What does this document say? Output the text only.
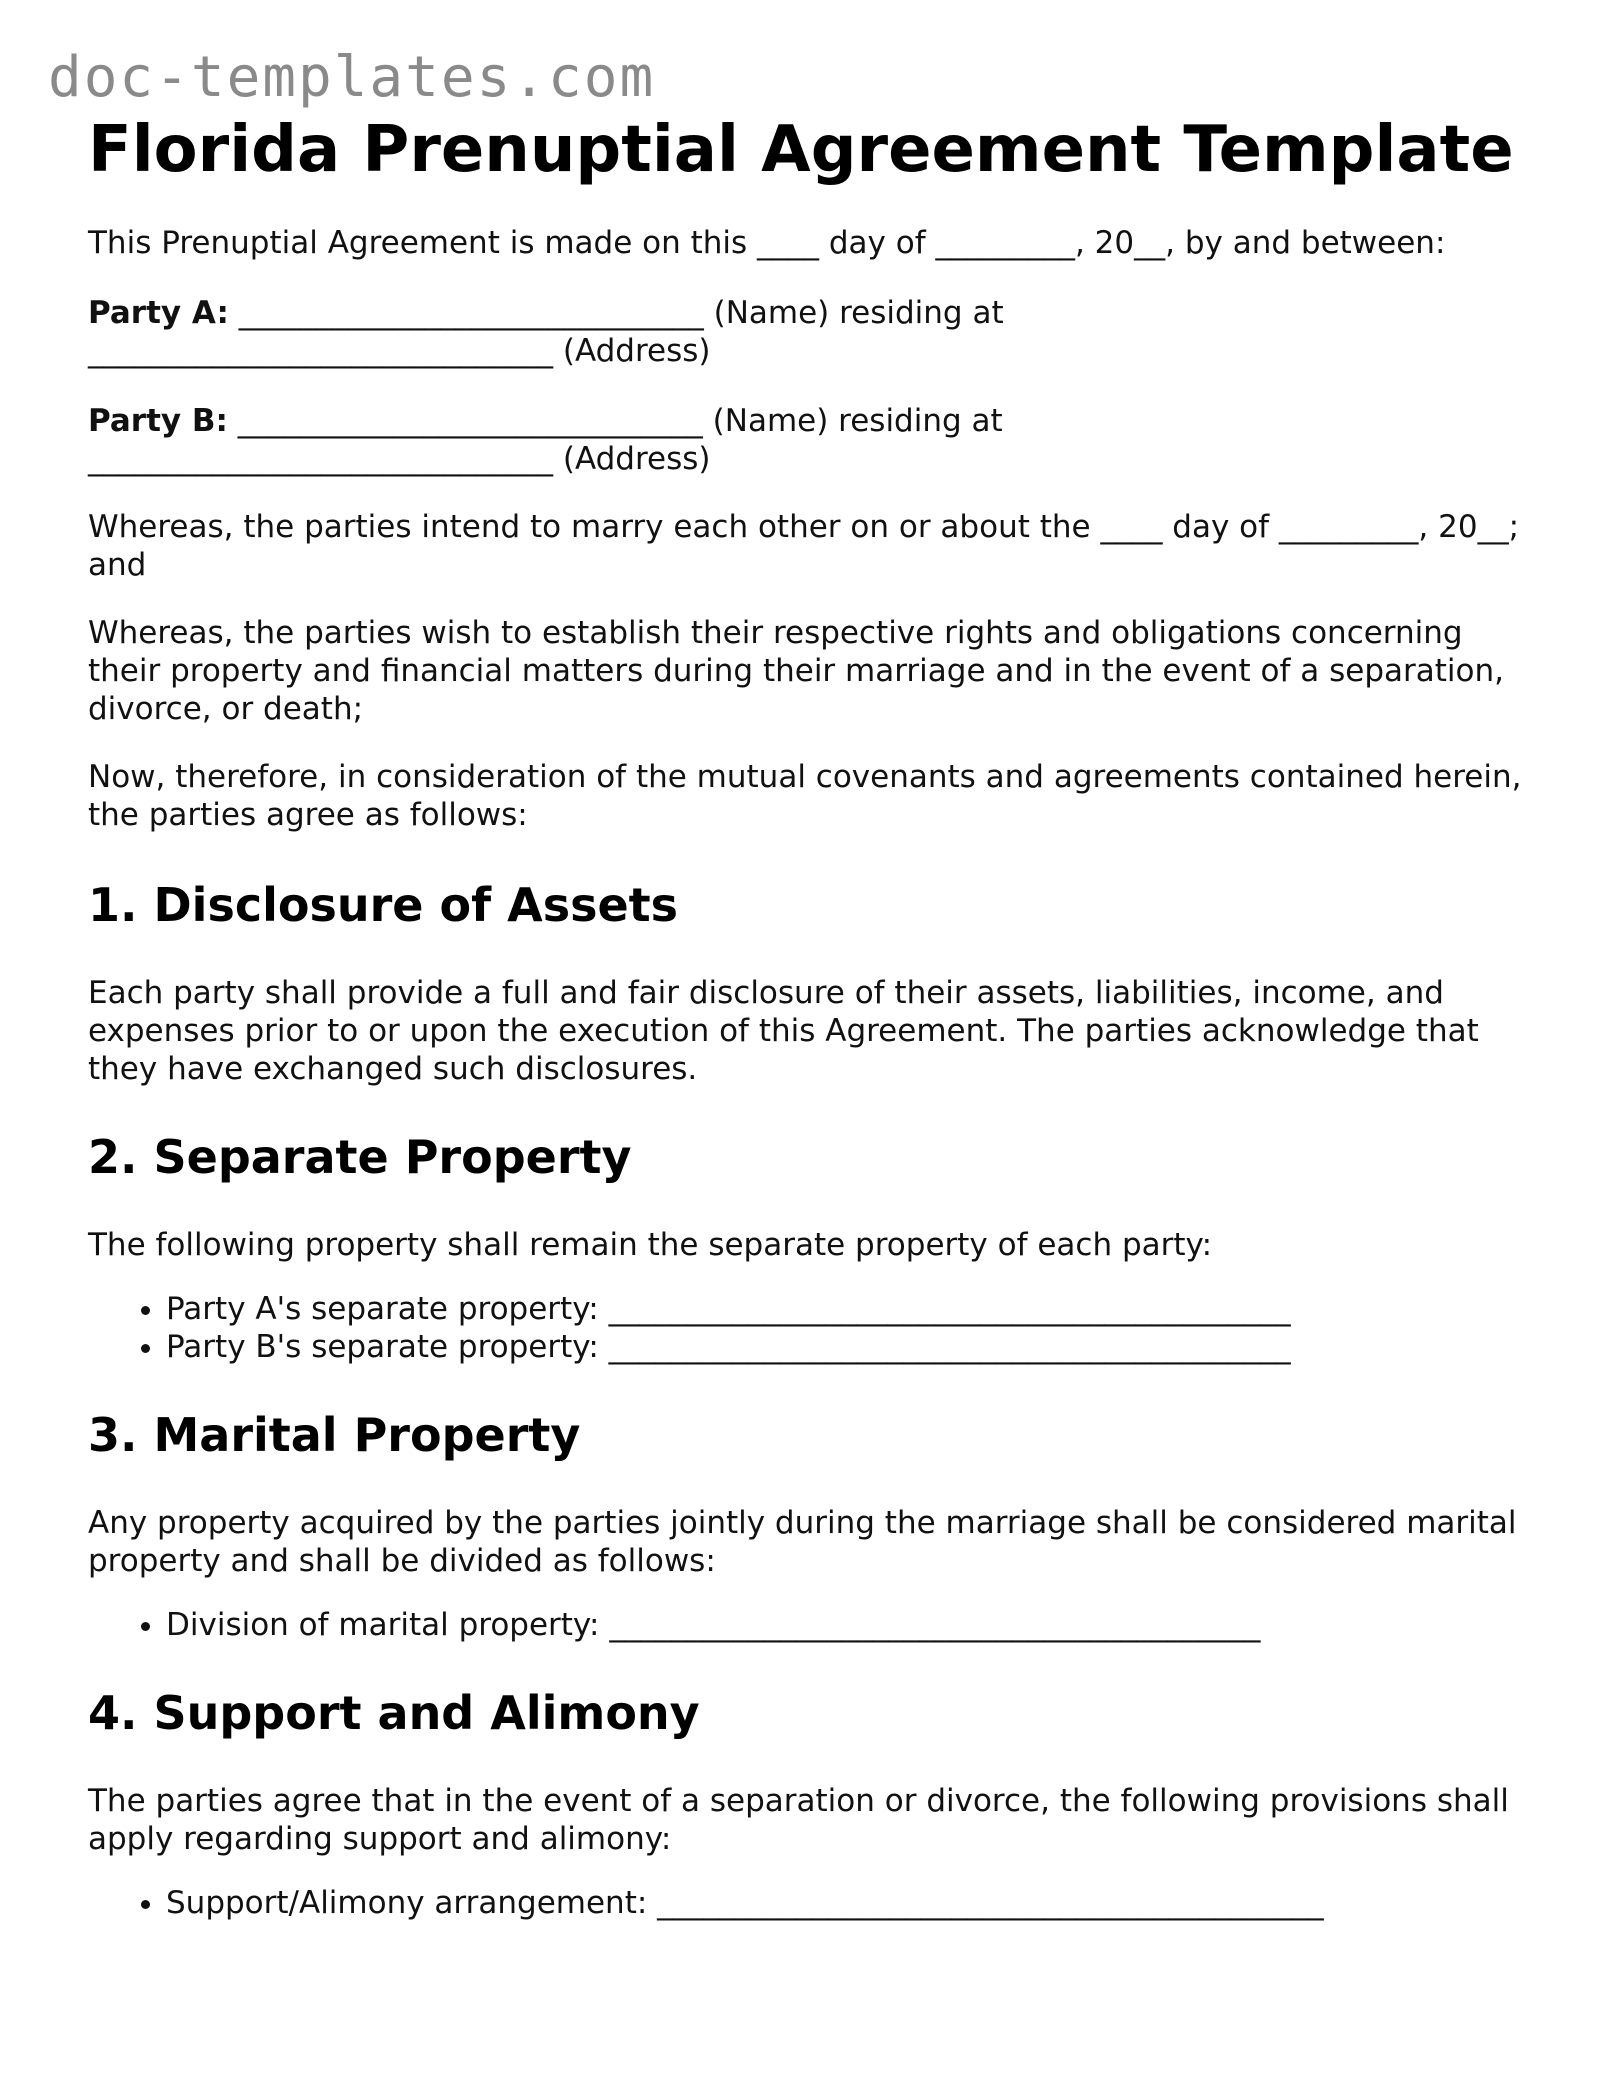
doc-templates.com
Florida Prenuptial Agreement Template

This Prenuptial Agreement is made on this ____ day of _________, 20__, by and between:

Party A: ______________________________ (Name) residing at
______________________________ (Address)

Party B: ______________________________ (Name) residing at
______________________________ (Address)

Whereas, the parties intend to marry each other on or about the ____ day of _________, 20__; and

Whereas, the parties wish to establish their respective rights and obligations concerning their property and financial matters during their marriage and in the event of a separation, divorce, or death;

Now, therefore, in consideration of the mutual covenants and agreements contained herein, the parties agree as follows:

1. Disclosure of Assets

Each party shall provide a full and fair disclosure of their assets, liabilities, income, and expenses prior to or upon the execution of this Agreement. The parties acknowledge that they have exchanged such disclosures.

2. Separate Property

The following property shall remain the separate property of each party:

• Party A's separate property: ____________________________________________
• Party B's separate property: ____________________________________________
3. Marital Property

Any property acquired by the parties jointly during the marriage shall be considered marital property and shall be divided as follows:

• Division of marital property: __________________________________________
4. Support and Alimony

The parties agree that in the event of a separation or divorce, the following provisions shall apply regarding support and alimony:

• Support/Alimony arrangement: ___________________________________________
